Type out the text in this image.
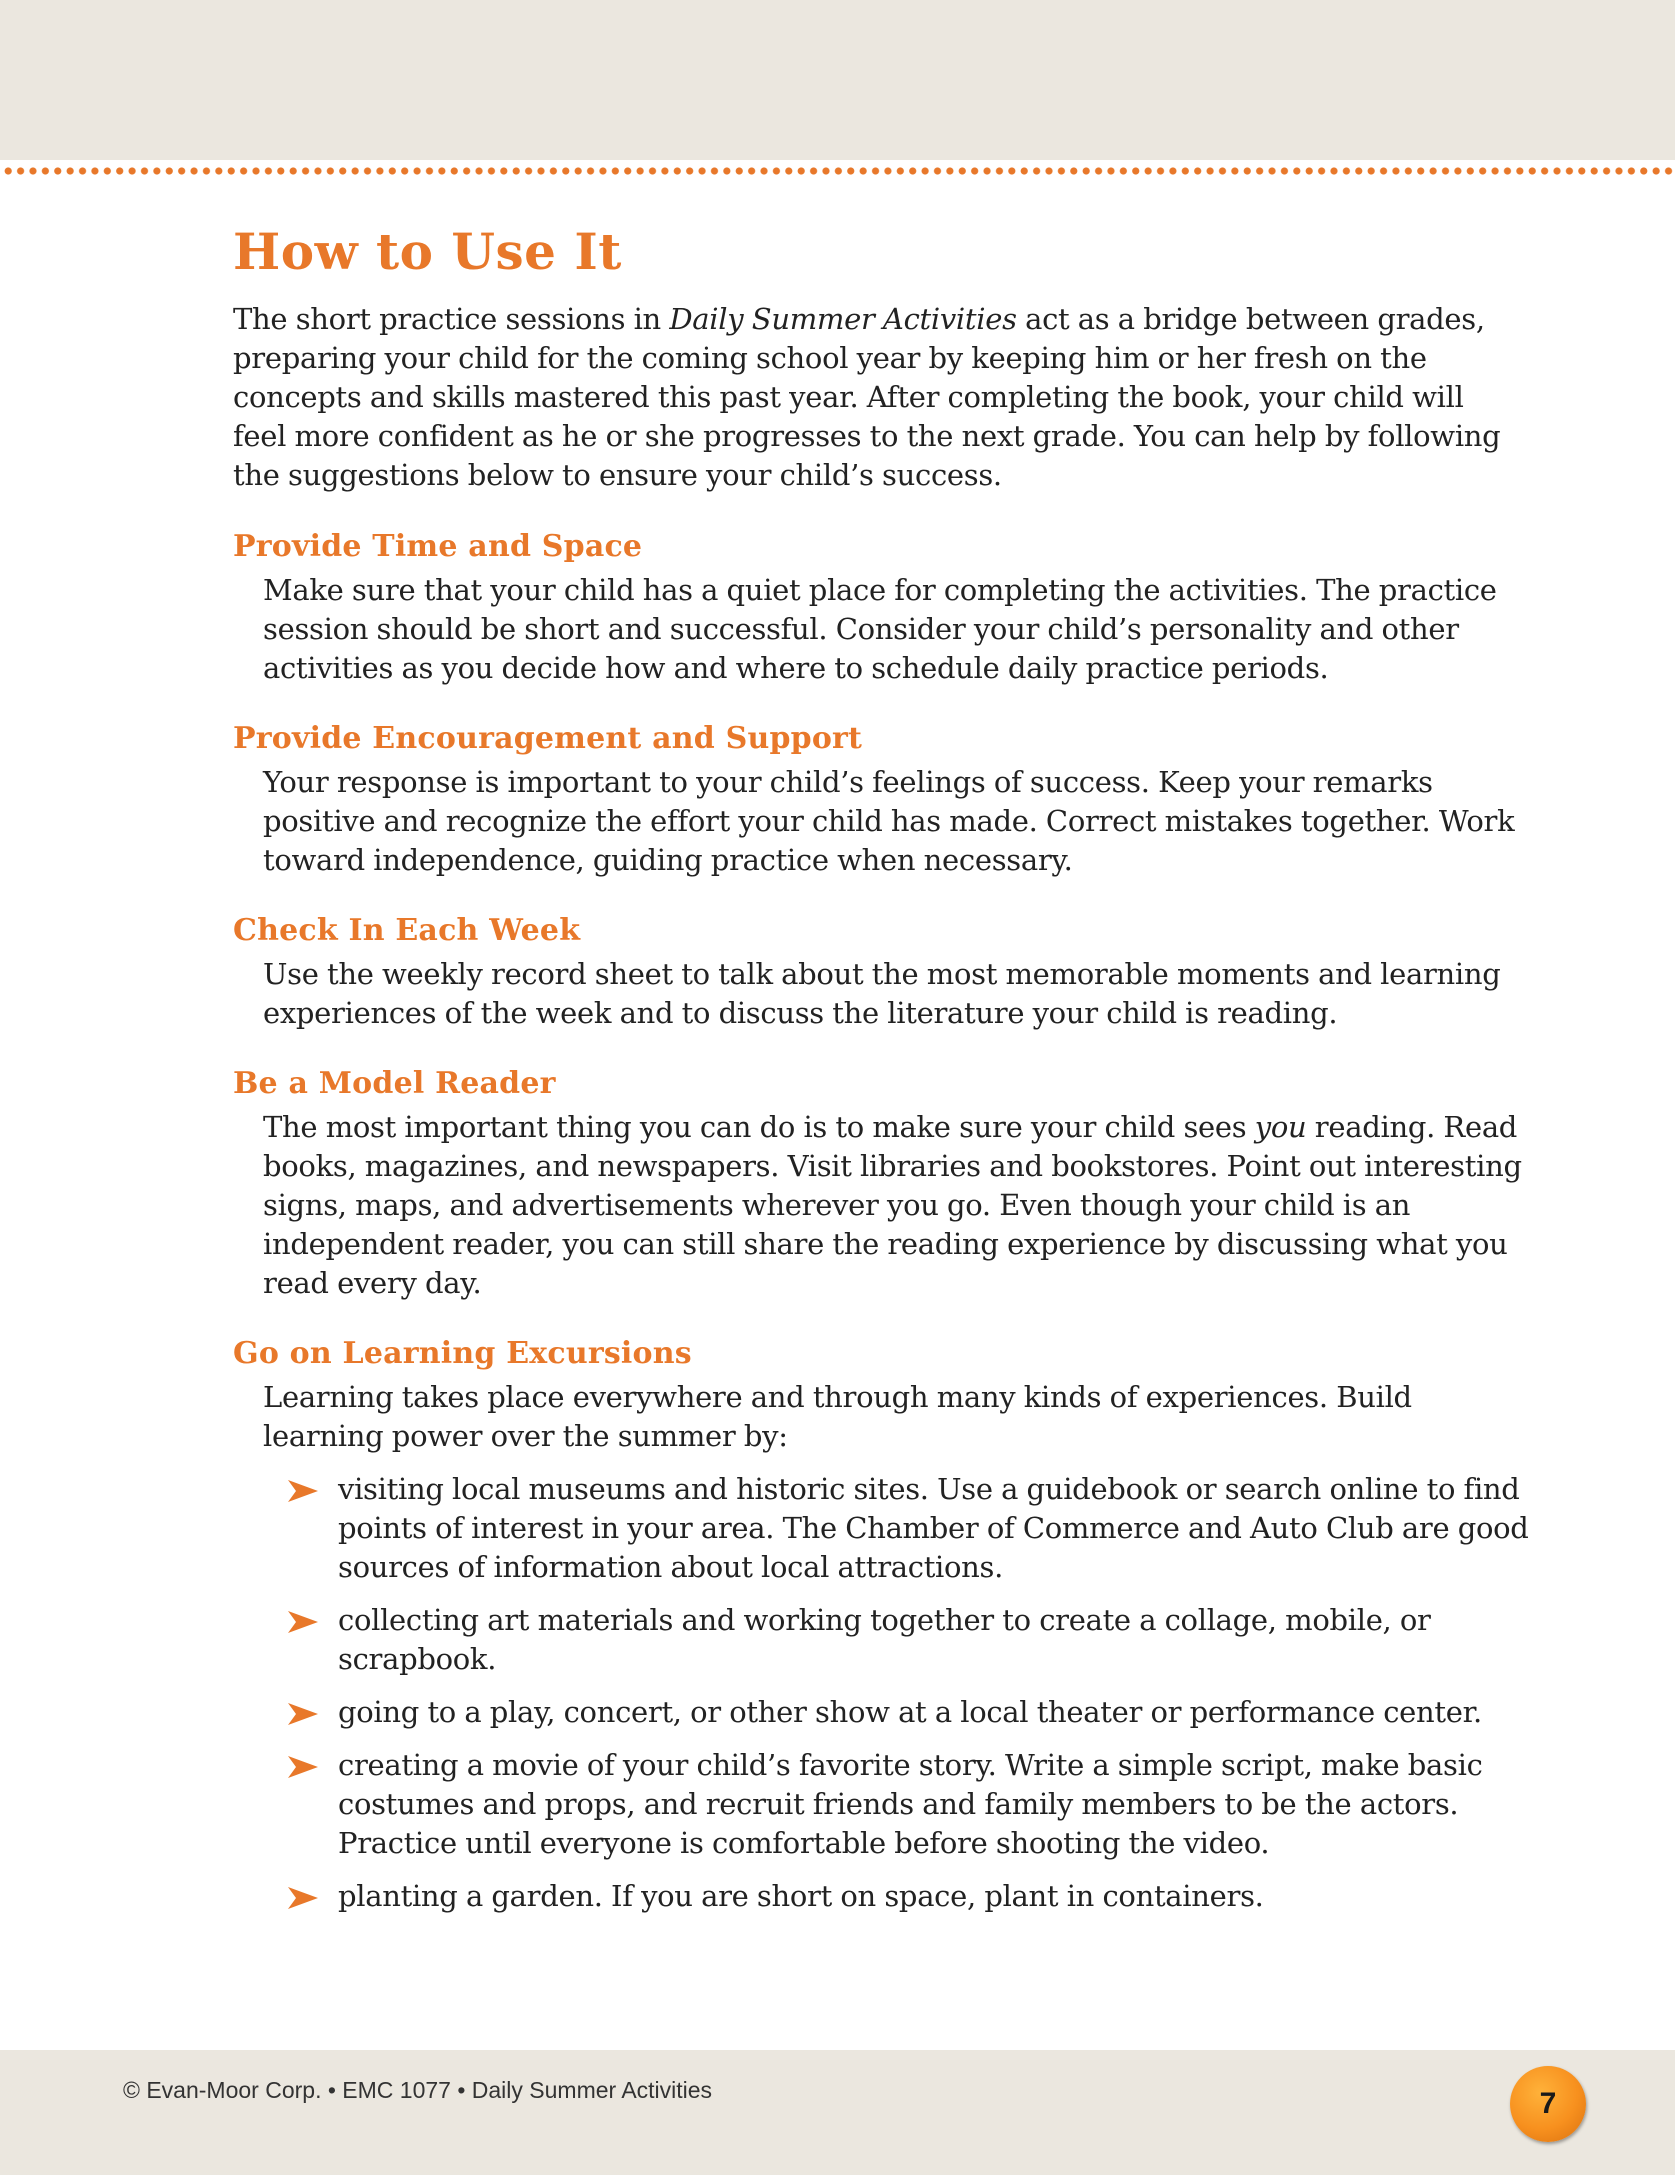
How to Use It

The short practice sessions in Daily Summer Activities act as a bridge between grades, preparing your child for the coming school year by keeping him or her fresh on the concepts and skills mastered this past year. After completing the book, your child will feel more confident as he or she progresses to the next grade. You can help by following the suggestions below to ensure your child’s success.

Provide Time and Space

Make sure that your child has a quiet place for completing the activities. The practice session should be short and successful. Consider your child’s personality and other activities as you decide how and where to schedule daily practice periods.

Provide Encouragement and Support

Your response is important to your child’s feelings of success. Keep your remarks positive and recognize the effort your child has made. Correct mistakes together. Work toward independence, guiding practice when necessary.

Check In Each Week

Use the weekly record sheet to talk about the most memorable moments and learning experiences of the week and to discuss the literature your child is reading.

Be a Model Reader

The most important thing you can do is to make sure your child sees you reading. Read books, magazines, and newspapers. Visit libraries and bookstores. Point out interesting signs, maps, and advertisements wherever you go. Even though your child is an independent reader, you can still share the reading experience by discussing what you read every day.

Go on Learning Excursions

Learning takes place everywhere and through many kinds of experiences. Build learning power over the summer by:

visiting local museums and historic sites. Use a guidebook or search online to find points of interest in your area. The Chamber of Commerce and Auto Club are good sources of information about local attractions.
collecting art materials and working together to create a collage, mobile, or scrapbook.
going to a play, concert, or other show at a local theater or performance center.
creating a movie of your child’s favorite story. Write a simple script, make basic costumes and props, and recruit friends and family members to be the actors. Practice until everyone is comfortable before shooting the video.
planting a garden. If you are short on space, plant in containers.

© Evan-Moor Corp. • EMC 1077 • Daily Summer Activities	7
